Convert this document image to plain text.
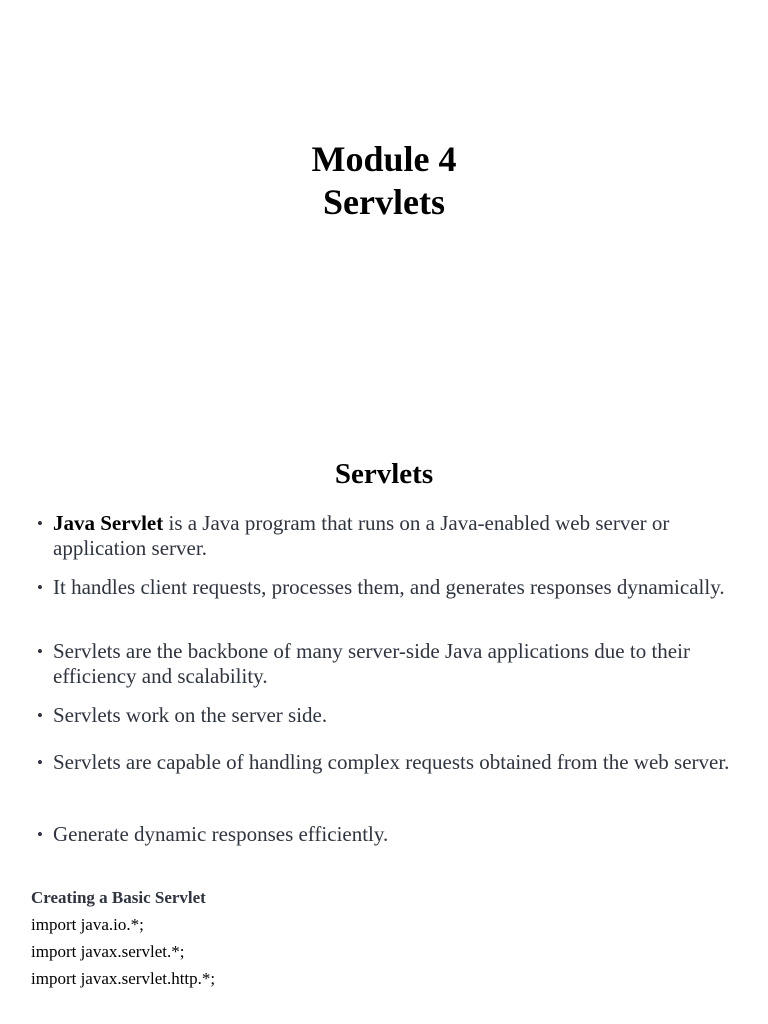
Module 4
Servlets
Servlets
• Java Servlet is a Java program that runs on a Java-enabled web server or application server.
• It handles client requests, processes them, and generates responses dynamically.
• Servlets are the backbone of many server-side Java applications due to their efficiency and scalability.
• Servlets work on the server side.
• Servlets are capable of handling complex requests obtained from the web server.
• Generate dynamic responses efficiently.
Creating a Basic Servlet
import java.io.*;
import javax.servlet.*;
import javax.servlet.http.*;
